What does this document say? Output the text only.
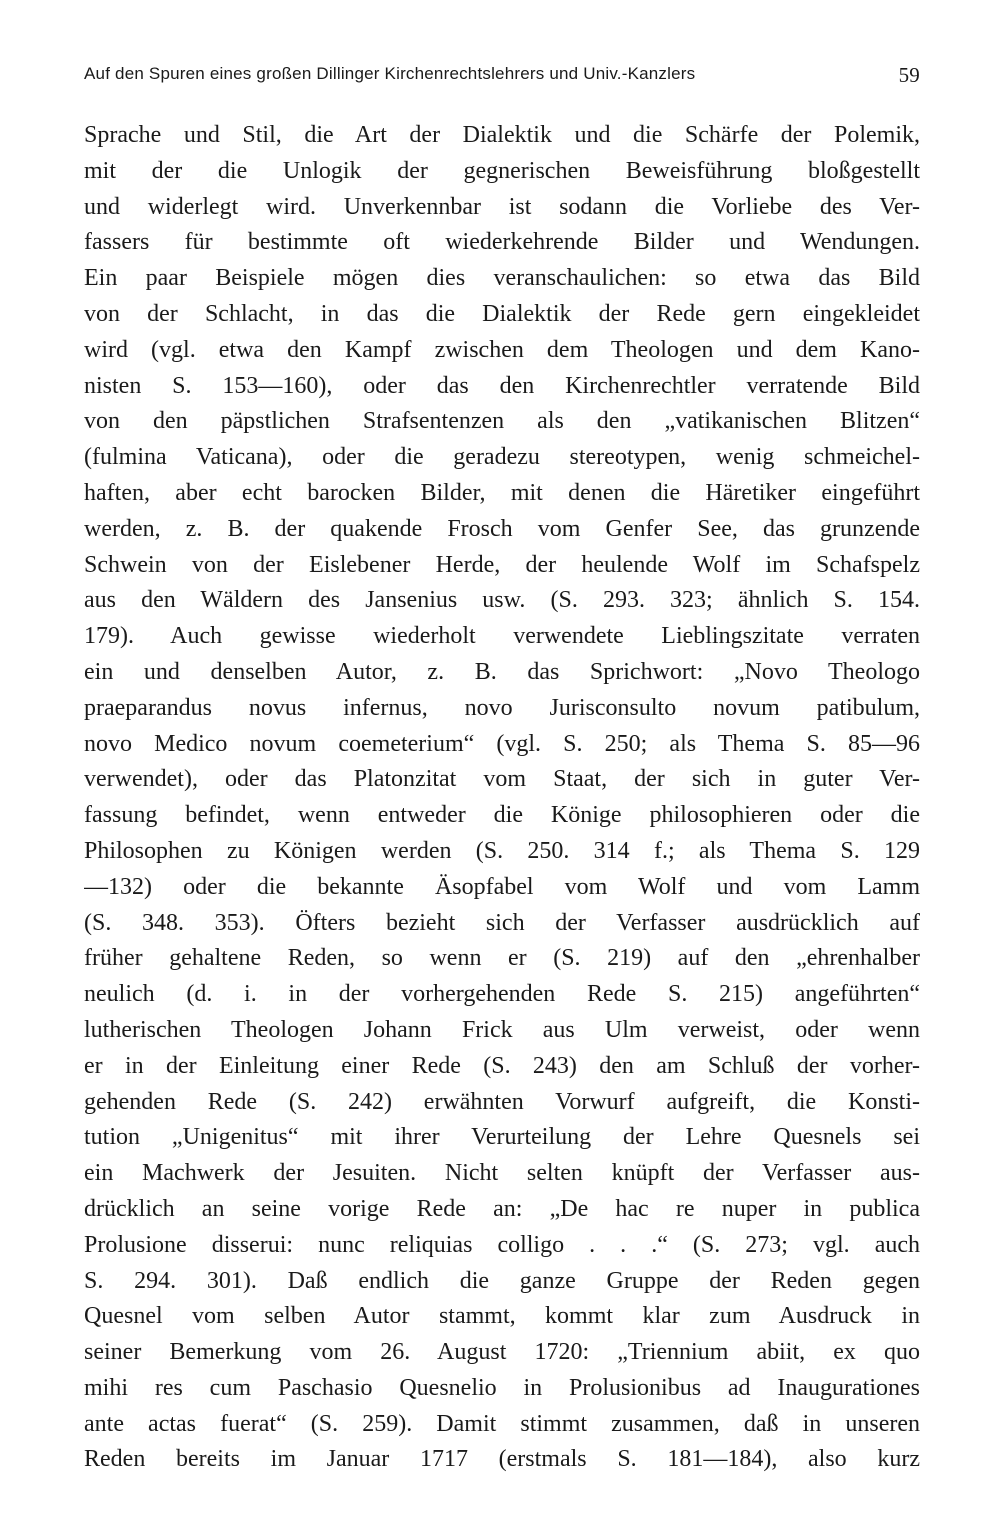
Auf den Spuren eines großen Dillinger Kirchenrechtslehrers und Univ.-Kanzlers	59
Sprache und Stil, die Art der Dialektik und die Schärfe der Polemik,
mit der die Unlogik der gegnerischen Beweisführung bloßgestellt
und widerlegt wird. Unverkennbar ist sodann die Vorliebe des Ver-
fassers für bestimmte oft wiederkehrende Bilder und Wendungen.
Ein paar Beispiele mögen dies veranschaulichen: so etwa das Bild
von der Schlacht, in das die Dialektik der Rede gern eingekleidet
wird (vgl. etwa den Kampf zwischen dem Theologen und dem Kano-
nisten S. 153—160), oder das den Kirchenrechtler verratende Bild
von den päpstlichen Strafsentenzen als den „vatikanischen Blitzen“
(fulmina Vaticana), oder die geradezu stereotypen, wenig schmeichel-
haften, aber echt barocken Bilder, mit denen die Häretiker eingeführt
werden, z. B. der quakende Frosch vom Genfer See, das grunzende
Schwein von der Eislebener Herde, der heulende Wolf im Schafspelz
aus den Wäldern des Jansenius usw. (S. 293. 323; ähnlich S. 154.
179). Auch gewisse wiederholt verwendete Lieblingszitate verraten
ein und denselben Autor, z. B. das Sprichwort: „Novo Theologo
praeparandus novus infernus, novo Jurisconsulto novum patibulum,
novo Medico novum coemeterium“ (vgl. S. 250; als Thema S. 85—96
verwendet), oder das Platonzitat vom Staat, der sich in guter Ver-
fassung befindet, wenn entweder die Könige philosophieren oder die
Philosophen zu Königen werden (S. 250. 314 f.; als Thema S. 129
—132) oder die bekannte Äsopfabel vom Wolf und vom Lamm
(S. 348. 353). Öfters bezieht sich der Verfasser ausdrücklich auf
früher gehaltene Reden, so wenn er (S. 219) auf den „ehrenhalber
neulich (d. i. in der vorhergehenden Rede S. 215) angeführten“
lutherischen Theologen Johann Frick aus Ulm verweist, oder wenn
er in der Einleitung einer Rede (S. 243) den am Schluß der vorher-
gehenden Rede (S. 242) erwähnten Vorwurf aufgreift, die Konsti-
tution „Unigenitus“ mit ihrer Verurteilung der Lehre Quesnels sei
ein Machwerk der Jesuiten. Nicht selten knüpft der Verfasser aus-
drücklich an seine vorige Rede an: „De hac re nuper in publica
Prolusione disserui: nunc reliquias colligo . . .“ (S. 273; vgl. auch
S. 294. 301). Daß endlich die ganze Gruppe der Reden gegen
Quesnel vom selben Autor stammt, kommt klar zum Ausdruck in
seiner Bemerkung vom 26. August 1720: „Triennium abiit, ex quo
mihi res cum Paschasio Quesnelio in Prolusionibus ad Inaugurationes
ante actas fuerat“ (S. 259). Damit stimmt zusammen, daß in unseren
Reden bereits im Januar 1717 (erstmals S. 181—184), also kurz
